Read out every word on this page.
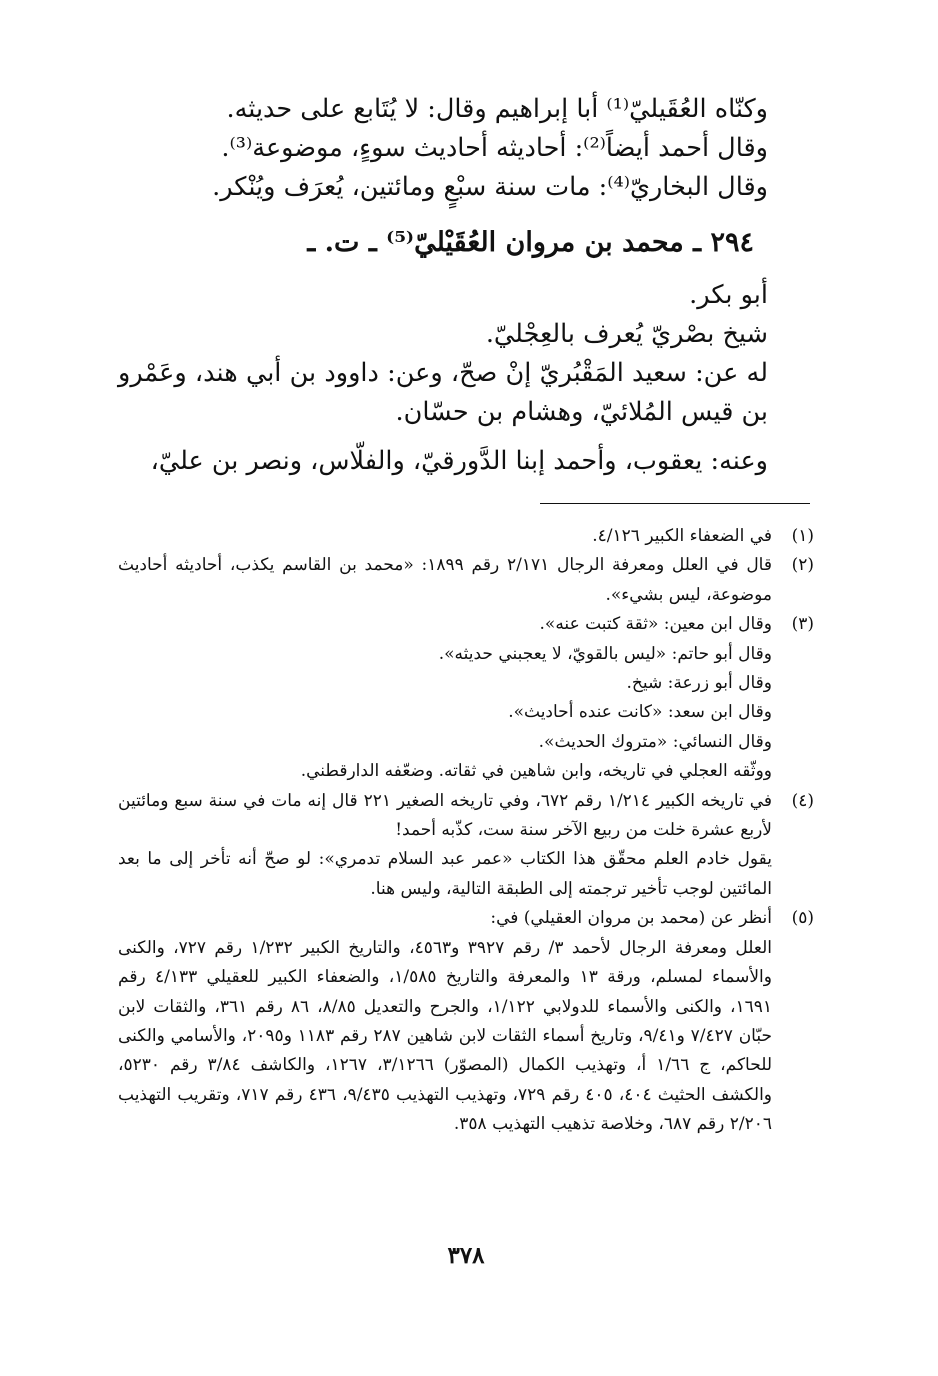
وكنّاه العُقَيليّ⁽¹⁾ أبا إبراهيم وقال: لا يُتَابع على حديثه.

وقال أحمد أيضاً⁽²⁾: أحاديثه أحاديث سوءٍ، موضوعة⁽³⁾.

وقال البخاريّ⁽⁴⁾: مات سنة سبْعٍ ومائتين، يُعرَف ويُنْكر.

٢٩٤ ـ محمد بن مروان العُقَيْليّ⁽⁵⁾ ـ ت. ـ

أبو بكر.

شيخ بصْريّ يُعرف بالعِجْليّ.

له عن: سعيد المَقْبُريّ إنْ صحّ، وعن: داوود بن أبي هند، وعَمْرو بن قيس المُلائيّ، وهشام بن حسّان.

وعنه: يعقوب، وأحمد إبنا الدَّورقيّ، والفلّاس، ونصر بن عليّ،

(١)
في الضعفاء الكبير ٤/١٢٦.
(٢)
قال في العلل ومعرفة الرجال ٢/١٧١ رقم ١٨٩٩: «محمد بن القاسم يكذب، أحاديثه أحاديث موضوعة، ليس بشيء».
(٣)
وقال ابن معين: «ثقة كتبت عنه».
وقال أبو حاتم: «ليس بالقويّ، لا يعجبني حديثه».
وقال أبو زرعة: شيخ.
وقال ابن سعد: «كانت عنده أحاديث».
وقال النسائي: «متروك الحديث».
ووثّقه العجلي في تاريخه، وابن شاهين في ثقاته. وضعّفه الدارقطني.
(٤)
في تاريخه الكبير ١/٢١٤ رقم ٦٧٢، وفي تاريخه الصغير ٢٢١ قال إنه مات في سنة سبع ومائتين لأربع عشرة خلت من ربيع الآخر سنة ست، كذّبه أحمد!
يقول خادم العلم محقّق هذا الكتاب «عمر عبد السلام تدمري»: لو صحّ أنه تأخر إلى ما بعد المائتين لوجب تأخير ترجمته إلى الطبقة التالية، وليس هنا.
(٥)
أنظر عن (محمد بن مروان العقيلي) في:
العلل ومعرفة الرجال لأحمد ٣/ رقم ٣٩٢٧ و٤٥٦٣، والتاريخ الكبير ١/٢٣٢ رقم ٧٢٧، والكنى والأسماء لمسلم، ورقة ١٣ والمعرفة والتاريخ ١/٥٨٥، والضعفاء الكبير للعقيلي ٤/١٣٣ رقم ١٦٩١، والكنى والأسماء للدولابي ١/١٢٢، والجرح والتعديل ٨/٨٥، ٨٦ رقم ٣٦١، والثقات لابن حبّان ٧/٤٢٧ و٩/٤١، وتاريخ أسماء الثقات لابن شاهين ٢٨٧ رقم ١١٨٣ و٢٠٩٥، والأسامي والكنى للحاكم، ج ١/٦٦ أ، وتهذيب الكمال (المصوّر) ٣/١٢٦٦، ١٢٦٧، والكاشف ٣/٨٤ رقم ٥٢٣٠، والكشف الحثيث ٤٠٤، ٤٠٥ رقم ٧٢٩، وتهذيب التهذيب ٩/٤٣٥، ٤٣٦ رقم ٧١٧، وتقريب التهذيب ٢/٢٠٦ رقم ٦٨٧، وخلاصة تذهيب التهذيب ٣٥٨.
٣٧٨
